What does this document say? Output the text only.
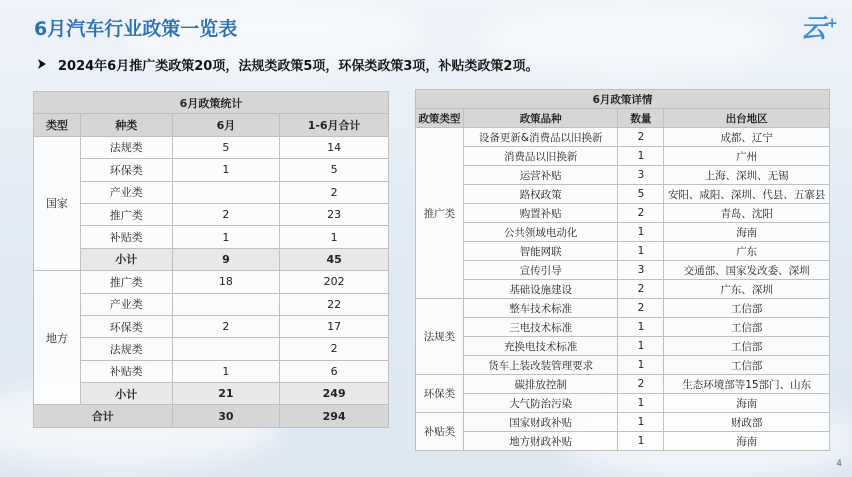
6月汽车行业政策一览表	云+
2024年6月推广类政策20项，法规类政策5项，环保类政策3项，补贴类政策2项。
6月政策统计			
类型	种类	6月	1-6月合计
国家	法规类	5	14
	环保类	1	5
	产业类		2
	推广类	2	23
	补贴类	1	1
	小计	9	45
地方	推广类	18	202
	产业类		22
	环保类	2	17
	法规类		2
	补贴类	1	6
	小计	21	249
合计		30	294
6月政策详情			
政策类型	政策品种	数量	出台地区
推广类	设备更新&消费品以旧换新	2	成都、辽宁
	消费品以旧换新	1	广州
	运营补贴	3	上海、深圳、无锡
	路权政策	5	安阳、咸阳、深圳、代县、五寨县
	购置补贴	2	青岛、沈阳
	公共领域电动化	1	海南
	智能网联	1	广东
	宣传引导	3	交通部、国家发改委、深圳
	基础设施建设	2	广东、深圳
法规类	整车技术标准	2	工信部
	三电技术标准	1	工信部
	充换电技术标准	1	工信部
	货车上装改装管理要求	1	工信部
环保类	碳排放控制	2	生态环境部等15部门、山东
	大气防治污染	1	海南
补贴类	国家财政补贴	1	财政部
	地方财政补贴	1	海南
4
